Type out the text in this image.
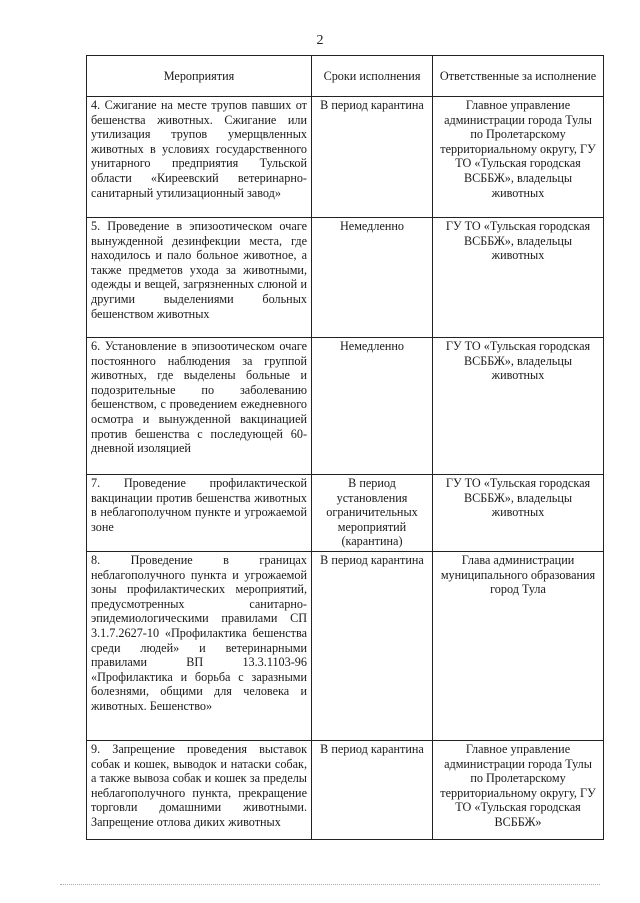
2
Мероприятия	Сроки исполнения	Ответственные за исполнение
4. Сжигание на месте трупов павших от бешенства животных. Сжигание или утилизация трупов умерщвленных животных в условиях государственного унитарного предприятия Тульской области «Киреевский ветеринарно-санитарный утилизационный завод»	В период карантина	Главное управление администрации города Тулы по Пролетарскому территориальному округу, ГУ ТО «Тульская городская ВСББЖ», владельцы животных
5. Проведение в эпизоотическом очаге вынужденной дезинфекции места, где находилось и пало больное животное, а также предметов ухода за животными, одежды и вещей, загрязненных слюной и другими выделениями больных бешенством животных	Немедленно	ГУ ТО «Тульская городская ВСББЖ», владельцы животных
6. Установление в эпизоотическом очаге постоянного наблюдения за группой животных, где выделены больные и подозрительные по заболеванию бешенством, с проведением ежедневного осмотра и вынужденной вакцинацией против бешенства с последующей 60-дневной изоляцией	Немедленно	ГУ ТО «Тульская городская ВСББЖ», владельцы животных
7. Проведение профилактической вакцинации против бешенства животных в неблагополучном пункте и угрожаемой зоне	В период установления ограничительных мероприятий (карантина)	ГУ ТО «Тульская городская ВСББЖ», владельцы животных
8. Проведение в границах неблагополучного пункта и угрожаемой зоны профилактических мероприятий, предусмотренных санитарно-эпидемиологическими правилами СП 3.1.7.2627-10 «Профилактика бешенства среди людей» и ветеринарными правилами ВП 13.3.1103-96 «Профилактика и борьба с заразными болезнями, общими для человека и животных. Бешенство»	В период карантина	Глава администрации муниципального образования город Тула
9. Запрещение проведения выставок собак и кошек, выводок и натаски собак, а также вывоза собак и кошек за пределы неблагополучного пункта, прекращение торговли домашними животными. Запрещение отлова диких животных	В период карантина	Главное управление администрации города Тулы по Пролетарскому территориальному округу, ГУ ТО «Тульская городская ВСББЖ»
